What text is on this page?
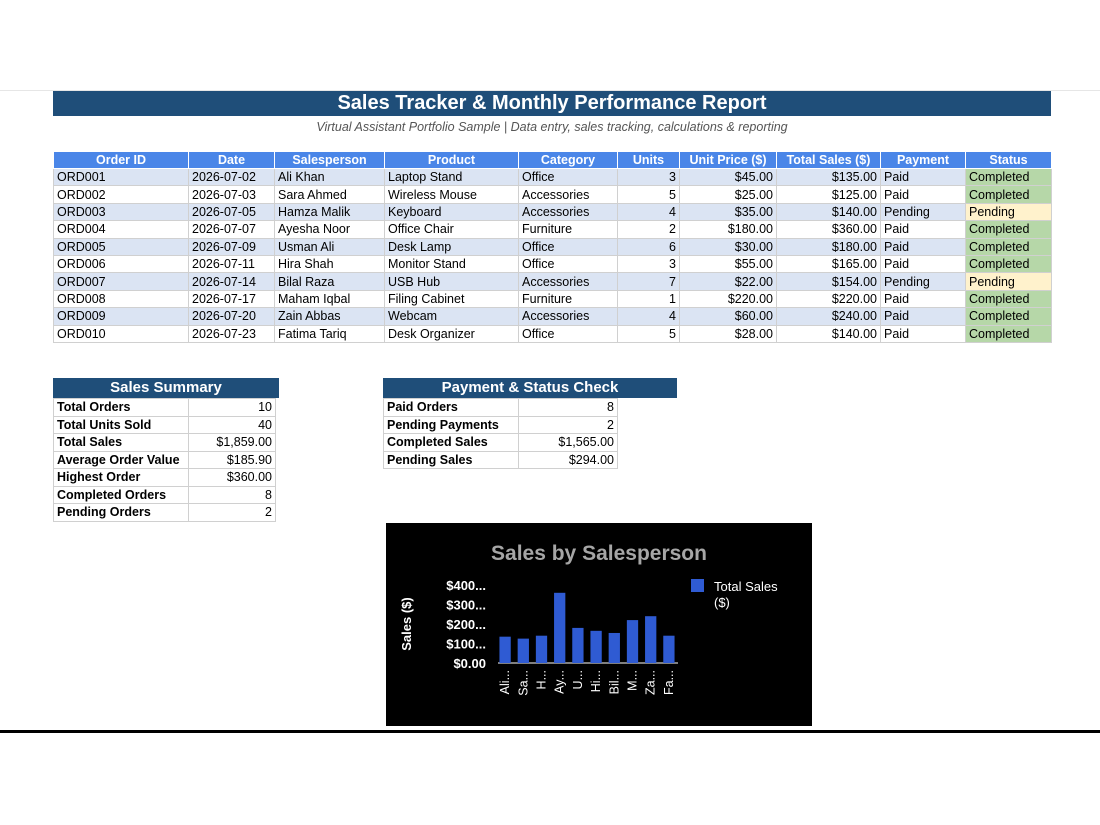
Sales Tracker & Monthly Performance Report
Virtual Assistant Portfolio Sample | Data entry, sales tracking, calculations & reporting
Order ID	Date	Salesperson	Product	Category	Units	Unit Price ($)	Total Sales ($)	Payment	Status
ORD001	2026-07-02	Ali Khan	Laptop Stand	Office	3	$45.00	$135.00	Paid	Completed
ORD002	2026-07-03	Sara Ahmed	Wireless Mouse	Accessories	5	$25.00	$125.00	Paid	Completed
ORD003	2026-07-05	Hamza Malik	Keyboard	Accessories	4	$35.00	$140.00	Pending	Pending
ORD004	2026-07-07	Ayesha Noor	Office Chair	Furniture	2	$180.00	$360.00	Paid	Completed
ORD005	2026-07-09	Usman Ali	Desk Lamp	Office	6	$30.00	$180.00	Paid	Completed
ORD006	2026-07-11	Hira Shah	Monitor Stand	Office	3	$55.00	$165.00	Paid	Completed
ORD007	2026-07-14	Bilal Raza	USB Hub	Accessories	7	$22.00	$154.00	Pending	Pending
ORD008	2026-07-17	Maham Iqbal	Filing Cabinet	Furniture	1	$220.00	$220.00	Paid	Completed
ORD009	2026-07-20	Zain Abbas	Webcam	Accessories	4	$60.00	$240.00	Paid	Completed
ORD010	2026-07-23	Fatima Tariq	Desk Organizer	Office	5	$28.00	$140.00	Paid	Completed
Sales Summary
Total Orders	10
Total Units Sold	40
Total Sales	$1,859.00
Average Order Value	$185.90
Highest Order	$360.00
Completed Orders	8
Pending Orders	2
Payment & Status Check
Paid Orders	8
Pending Payments	2
Completed Sales	$1,565.00
Pending Sales	$294.00
Sales by Salesperson
$0.00
$100...
$200...
$300...
$400...
Sales ($)
Ali... Sa... H... Ay... U... Hi... Bil... M... Za... Fa...
Total Sales
($)
